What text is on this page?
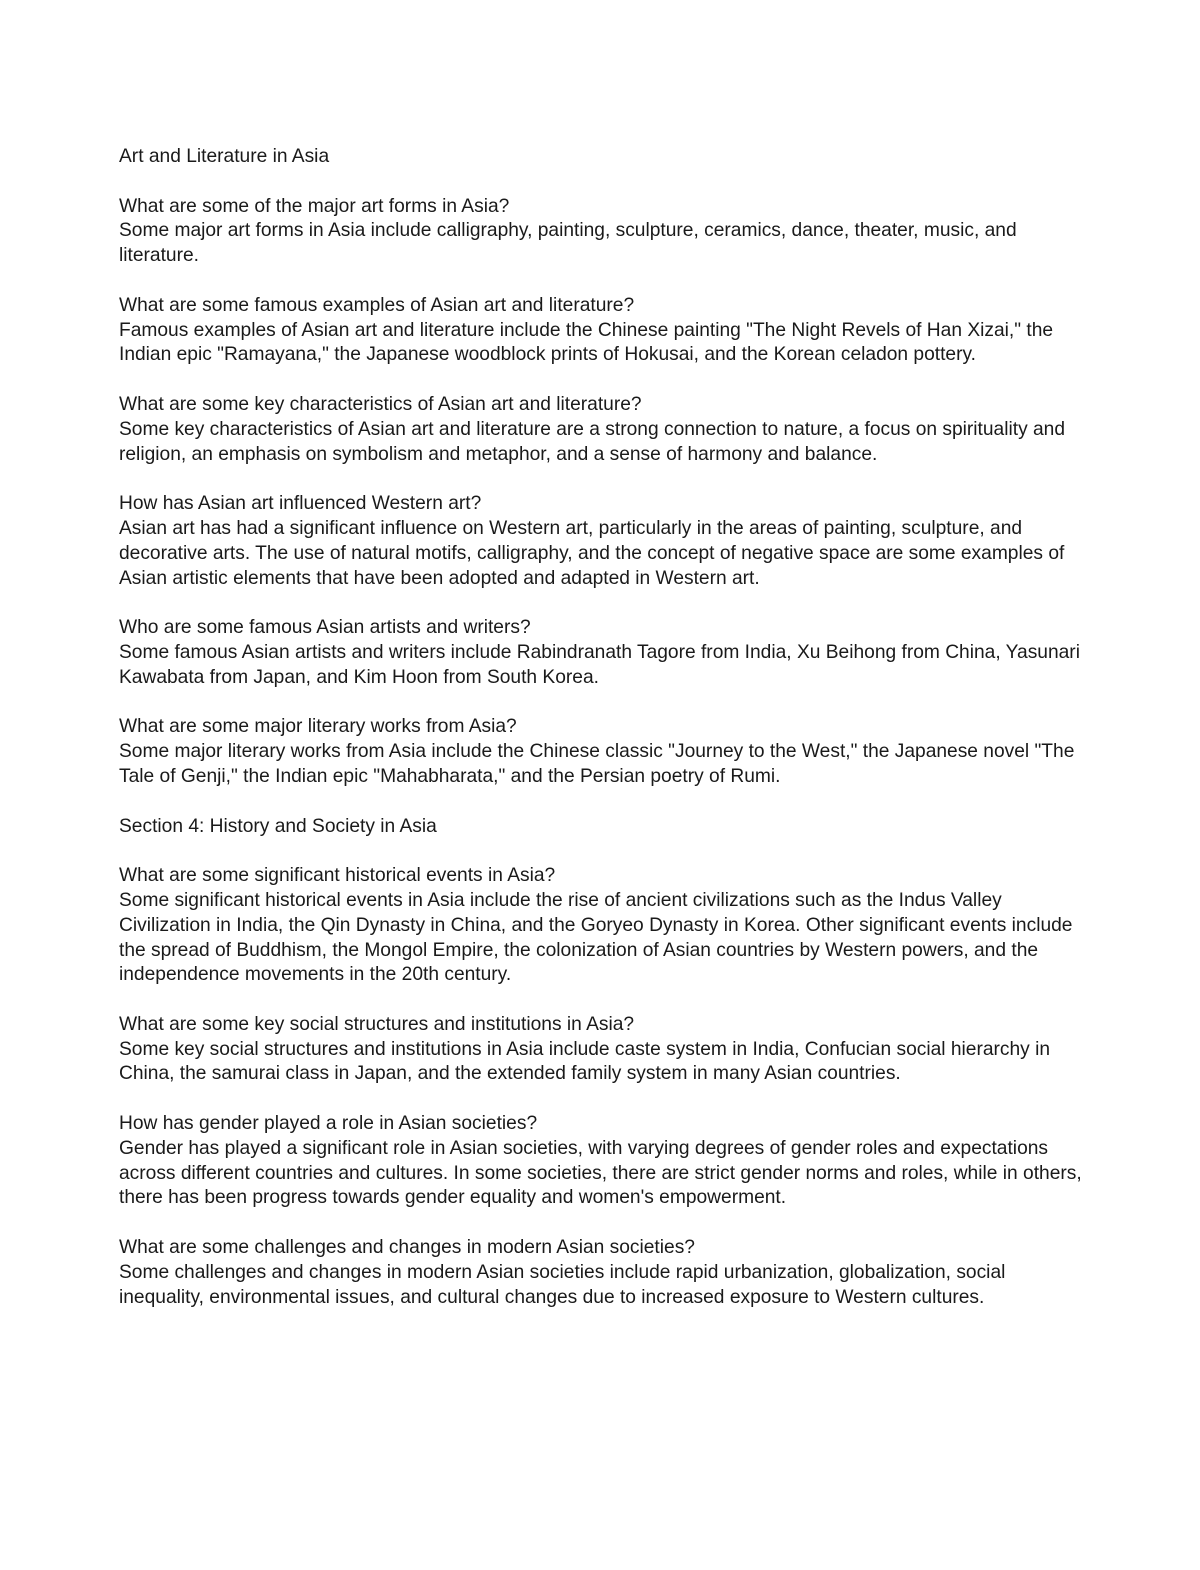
Art and Literature in Asia

What are some of the major art forms in Asia?

Some major art forms in Asia include calligraphy, painting, sculpture, ceramics, dance, theater, music, and literature.

What are some famous examples of Asian art and literature?

Famous examples of Asian art and literature include the Chinese painting "The Night Revels of Han Xizai," the Indian epic "Ramayana," the Japanese woodblock prints of Hokusai, and the Korean celadon pottery.

What are some key characteristics of Asian art and literature?

Some key characteristics of Asian art and literature are a strong connection to nature, a focus on spirituality and religion, an emphasis on symbolism and metaphor, and a sense of harmony and balance.

How has Asian art influenced Western art?

Asian art has had a significant influence on Western art, particularly in the areas of painting, sculpture, and decorative arts. The use of natural motifs, calligraphy, and the concept of negative space are some examples of Asian artistic elements that have been adopted and adapted in Western art.

Who are some famous Asian artists and writers?

Some famous Asian artists and writers include Rabindranath Tagore from India, Xu Beihong from China, Yasunari Kawabata from Japan, and Kim Hoon from South Korea.

What are some major literary works from Asia?

Some major literary works from Asia include the Chinese classic "Journey to the West," the Japanese novel "The Tale of Genji," the Indian epic "Mahabharata," and the Persian poetry of Rumi.

Section 4: History and Society in Asia

What are some significant historical events in Asia?

Some significant historical events in Asia include the rise of ancient civilizations such as the Indus Valley Civilization in India, the Qin Dynasty in China, and the Goryeo Dynasty in Korea. Other significant events include the spread of Buddhism, the Mongol Empire, the colonization of Asian countries by Western powers, and the independence movements in the 20th century.

What are some key social structures and institutions in Asia?

Some key social structures and institutions in Asia include caste system in India, Confucian social hierarchy in China, the samurai class in Japan, and the extended family system in many Asian countries.

How has gender played a role in Asian societies?

Gender has played a significant role in Asian societies, with varying degrees of gender roles and expectations across different countries and cultures. In some societies, there are strict gender norms and roles, while in others, there has been progress towards gender equality and women's empowerment.

What are some challenges and changes in modern Asian societies?

Some challenges and changes in modern Asian societies include rapid urbanization, globalization, social inequality, environmental issues, and cultural changes due to increased exposure to Western cultures.
